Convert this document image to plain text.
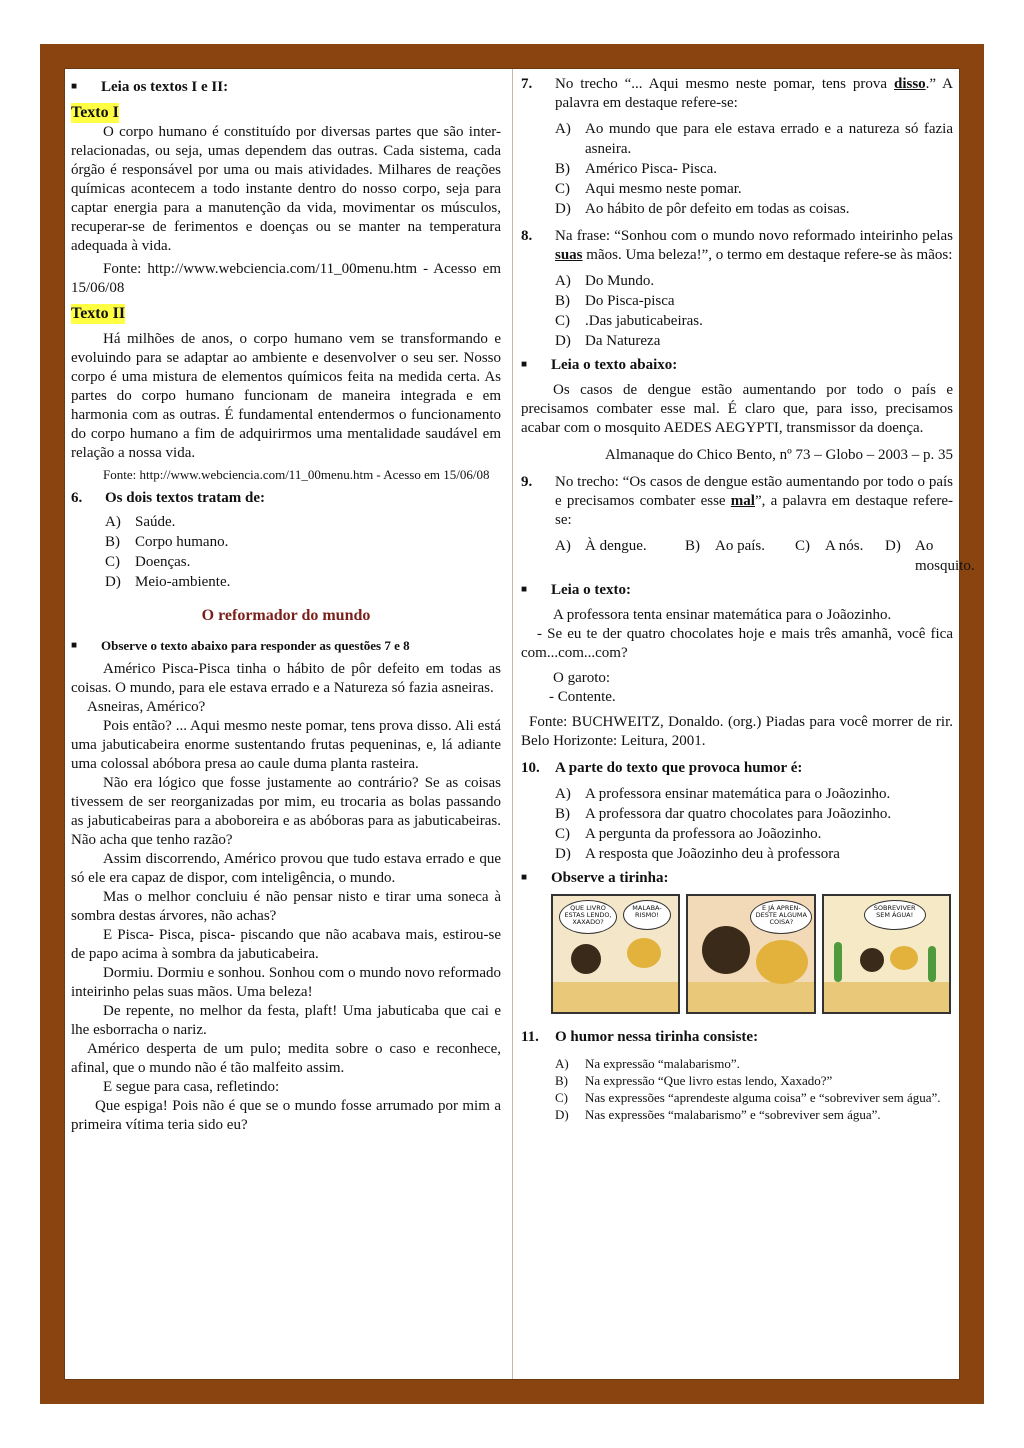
■	Leia os textos I e II:
Texto I

O corpo humano é constituído por diversas partes que são inter-relacionadas, ou seja, umas dependem das outras. Cada sistema, cada órgão é responsável por uma ou mais atividades. Milhares de reações químicas acontecem a todo instante dentro do nosso corpo, seja para captar energia para a manutenção da vida, movimentar os músculos, recuperar-se de ferimentos e doenças ou se manter na temperatura adequada à vida.

Fonte: http://www.webciencia.com/11_00menu.htm - Acesso em 15/06/08

Texto II

Há milhões de anos, o corpo humano vem se transformando e evoluindo para se adaptar ao ambiente e desenvolver o seu ser. Nosso corpo é uma mistura de elementos químicos feita na medida certa. As partes do corpo humano funcionam de maneira integrada e em harmonia com as outras. É fundamental entendermos o funcionamento do corpo humano a fim de adquirirmos uma mentalidade saudável em relação a nossa vida.

Fonte: http://www.webciencia.com/11_00menu.htm - Acesso em 15/06/08

6.	Os dois textos tratam de:
A) Saúde.
B)	Corpo humano.
C)	Doenças.
D) Meio-ambiente.
O reformador do mundo
■	Observe o texto abaixo para responder as questões 7 e 8

Américo Pisca-Pisca tinha o hábito de pôr defeito em todas as coisas. O mundo, para ele estava errado e a Natureza só fazia asneiras.

Asneiras, Américo?

Pois então? ... Aqui mesmo neste pomar, tens prova disso. Ali está uma jabuticabeira enorme sustentando frutas pequeninas, e, lá adiante uma colossal abóbora presa ao caule duma planta rasteira.

Não era lógico que fosse justamente ao contrário? Se as coisas tivessem de ser reorganizadas por mim, eu trocaria as bolas passando as jabuticabeiras para a aboboreira e as abóboras para as jabuticabeiras. Não acha que tenho razão?

Assim discorrendo, Américo provou que tudo estava errado e que só ele era capaz de dispor, com inteligência, o mundo.

Mas o melhor concluiu é não pensar nisto e tirar uma soneca à sombra destas árvores, não achas?

E Pisca- Pisca, pisca- piscando que não acabava mais, estirou-se de papo acima à sombra da jabuticabeira.

Dormiu. Dormiu e sonhou. Sonhou com o mundo novo reformado inteirinho pelas suas mãos. Uma beleza!

De repente, no melhor da festa, plaft! Uma jabuticaba que cai e lhe esborracha o nariz.

Américo desperta de um pulo; medita sobre o caso e reconhece, afinal, que o mundo não é tão malfeito assim.

E segue para casa, refletindo:

Que espiga! Pois não é que se o mundo fosse arrumado por mim a primeira vítima teria sido eu?

7.	No trecho “... Aqui mesmo neste pomar, tens prova disso.” A palavra em destaque refere-se:
A) Ao mundo que para ele estava errado e a natureza só fazia asneira.
B)	Américo Pisca- Pisca.
C)	Aqui mesmo neste pomar.
D) Ao hábito de pôr defeito em todas as coisas.
8.	Na frase: “Sonhou com o mundo novo reformado inteirinho pelas suas mãos. Uma beleza!”, o termo em destaque refere-se às mãos:
A) Do Mundo.
B)	Do Pisca-pisca
C)	.Das jabuticabeiras.
D) Da Natureza
■	Leia o texto abaixo:

Os casos de dengue estão aumentando por todo o país e precisamos combater esse mal. É claro que, para isso, precisamos acabar com o mosquito AEDES AEGYPTI, transmissor da doença.

Almanaque do Chico Bento, nº 73 – Globo – 2003 – p. 35

9.	No trecho: “Os casos de dengue estão aumentando por todo o país e precisamos combater esse mal”, a palavra em destaque refere-se:
A) À dengue.	B)	Ao país.	C)	A nós.	D) Ao mosquito.
■	Leia o texto:

A professora tenta ensinar matemática para o Joãozinho.

- Se eu te der quatro chocolates hoje e mais três amanhã, você fica com...com...com?

O garoto:

- Contente.

Fonte: BUCHWEITZ, Donaldo. (org.) Piadas para você morrer de rir. Belo Horizonte: Leitura, 2001.

10.	A parte do texto que provoca humor é:
A) A professora ensinar matemática para o Joãozinho.
B)	A professora dar quatro chocolates para Joãozinho.
C)	A pergunta da professora ao Joãozinho.
D) A resposta que Joãozinho deu à professora
■	Observe a tirinha:
QUE LIVRO ESTAS LENDO, XAXADO?
MALABA-RISMO!
E JÁ APREN-DESTE ALGUMA COISA?
SOBREVIVER SEM ÁGUA!
11.	O humor nessa tirinha consiste:
A)	Na expressão “malabarismo”.
B)	Na expressão “Que livro estas lendo, Xaxado?”
C)	Nas expressões “aprendeste alguma coisa” e “sobreviver sem água”.
D)	Nas expressões “malabarismo” e “sobreviver sem água”.
